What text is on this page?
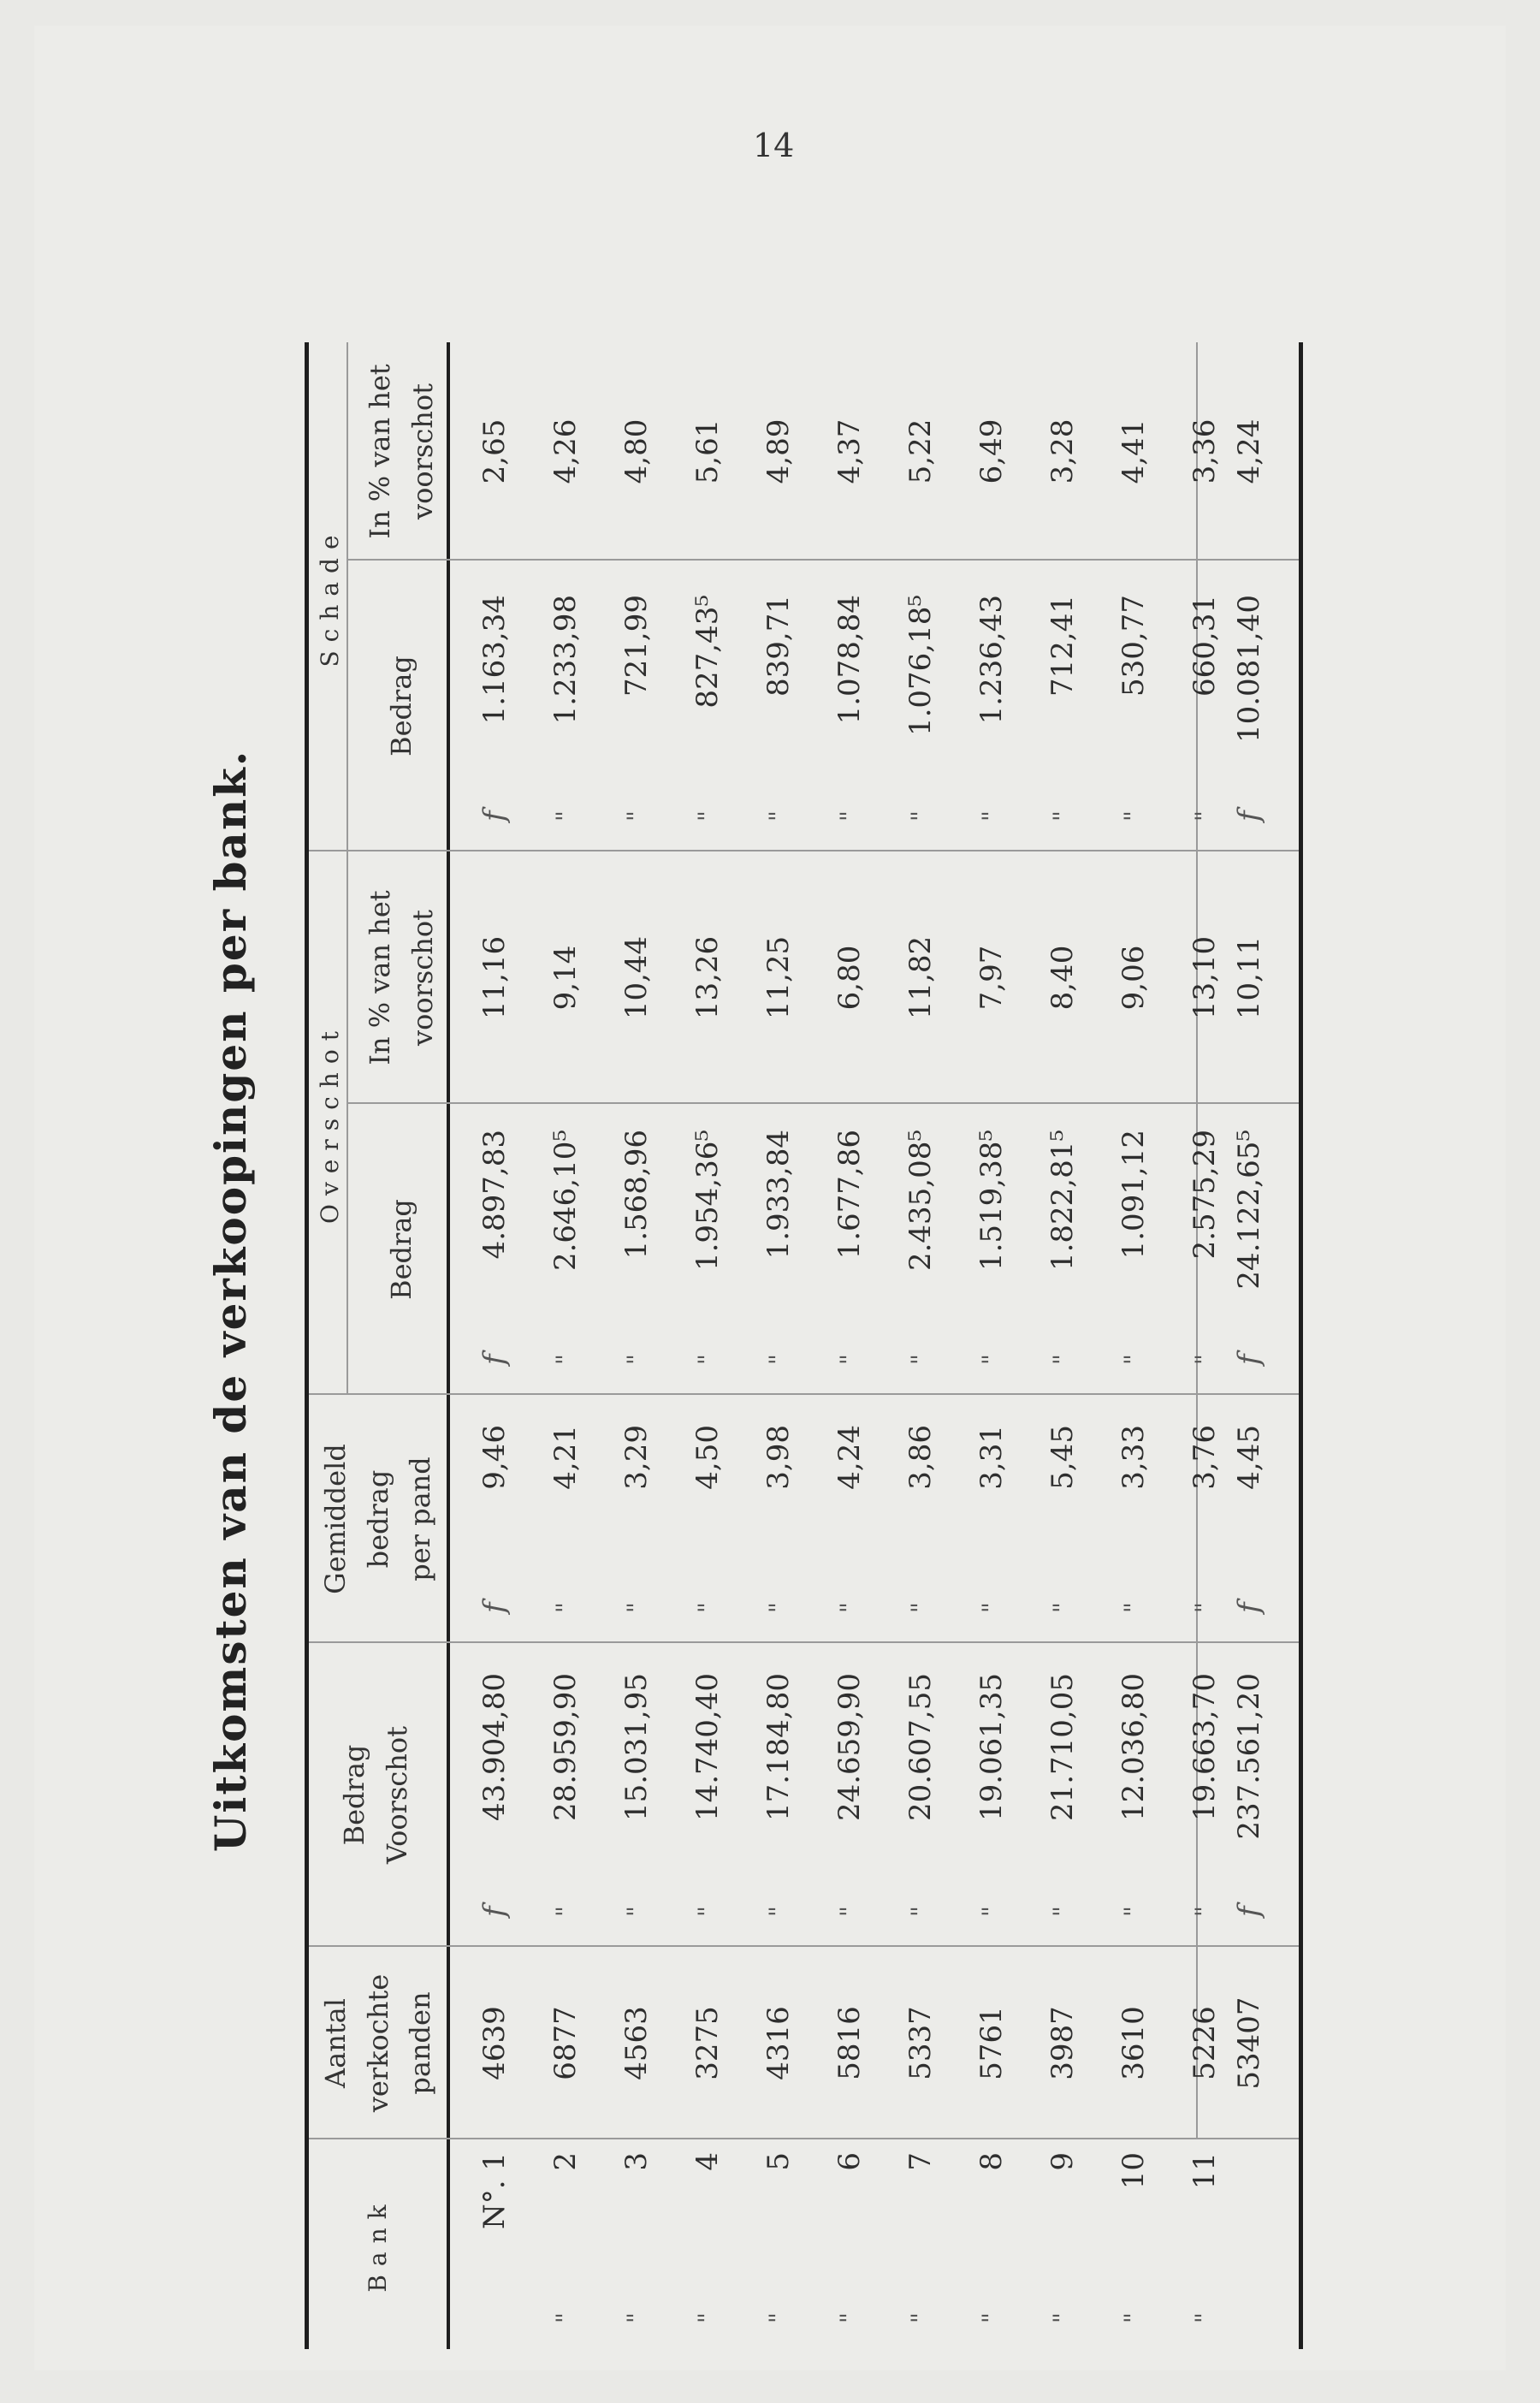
14
Uitkomsten van de verkoopingen per bank.
Bank
Aantal verkochte panden
Bedrag Voorschot
Gemiddeld bedrag per pand
Overschot
Bedrag
In % van het voorschot
Schade
Bedrag
In % van het voorschot
N°. 1
4639
43.904,80
f
9,46
f
4.897,83
f
11,16
1.163,34
f
2,65
"
2
6877
28.959,90
"
4,21
"
2.646,10⁵
"
9,14
1.233,98
"
4,26
"
3
4563
15.031,95
"
3,29
"
1.568,96
"
10,44
721,99
"
4,80
"
4
3275
14.740,40
"
4,50
"
1.954,36⁵
"
13,26
827,43⁵
"
5,61
"
5
4316
17.184,80
"
3,98
"
1.933,84
"
11,25
839,71
"
4,89
"
6
5816
24.659,90
"
4,24
"
1.677,86
"
6,80
1.078,84
"
4,37
"
7
5337
20.607,55
"
3,86
"
2.435,08⁵
"
11,82
1.076,18⁵
"
5,22
"
8
5761
19.061,35
"
3,31
"
1.519,38⁵
"
7,97
1.236,43
"
6,49
"
9
3987
21.710,05
"
5,45
"
1.822,81⁵
"
8,40
712,41
"
3,28
"
10
3610
12.036,80
"
3,33
"
1.091,12
"
9,06
530,77
"
4,41
"
11
5226
19.663,70
"
3,76
"
2.575,29
"
13,10
660,31
"
3,36
53407
237.561,20
f
4,45
f
24.122,65⁵
f
10,11
10.081,40
f
4,24
